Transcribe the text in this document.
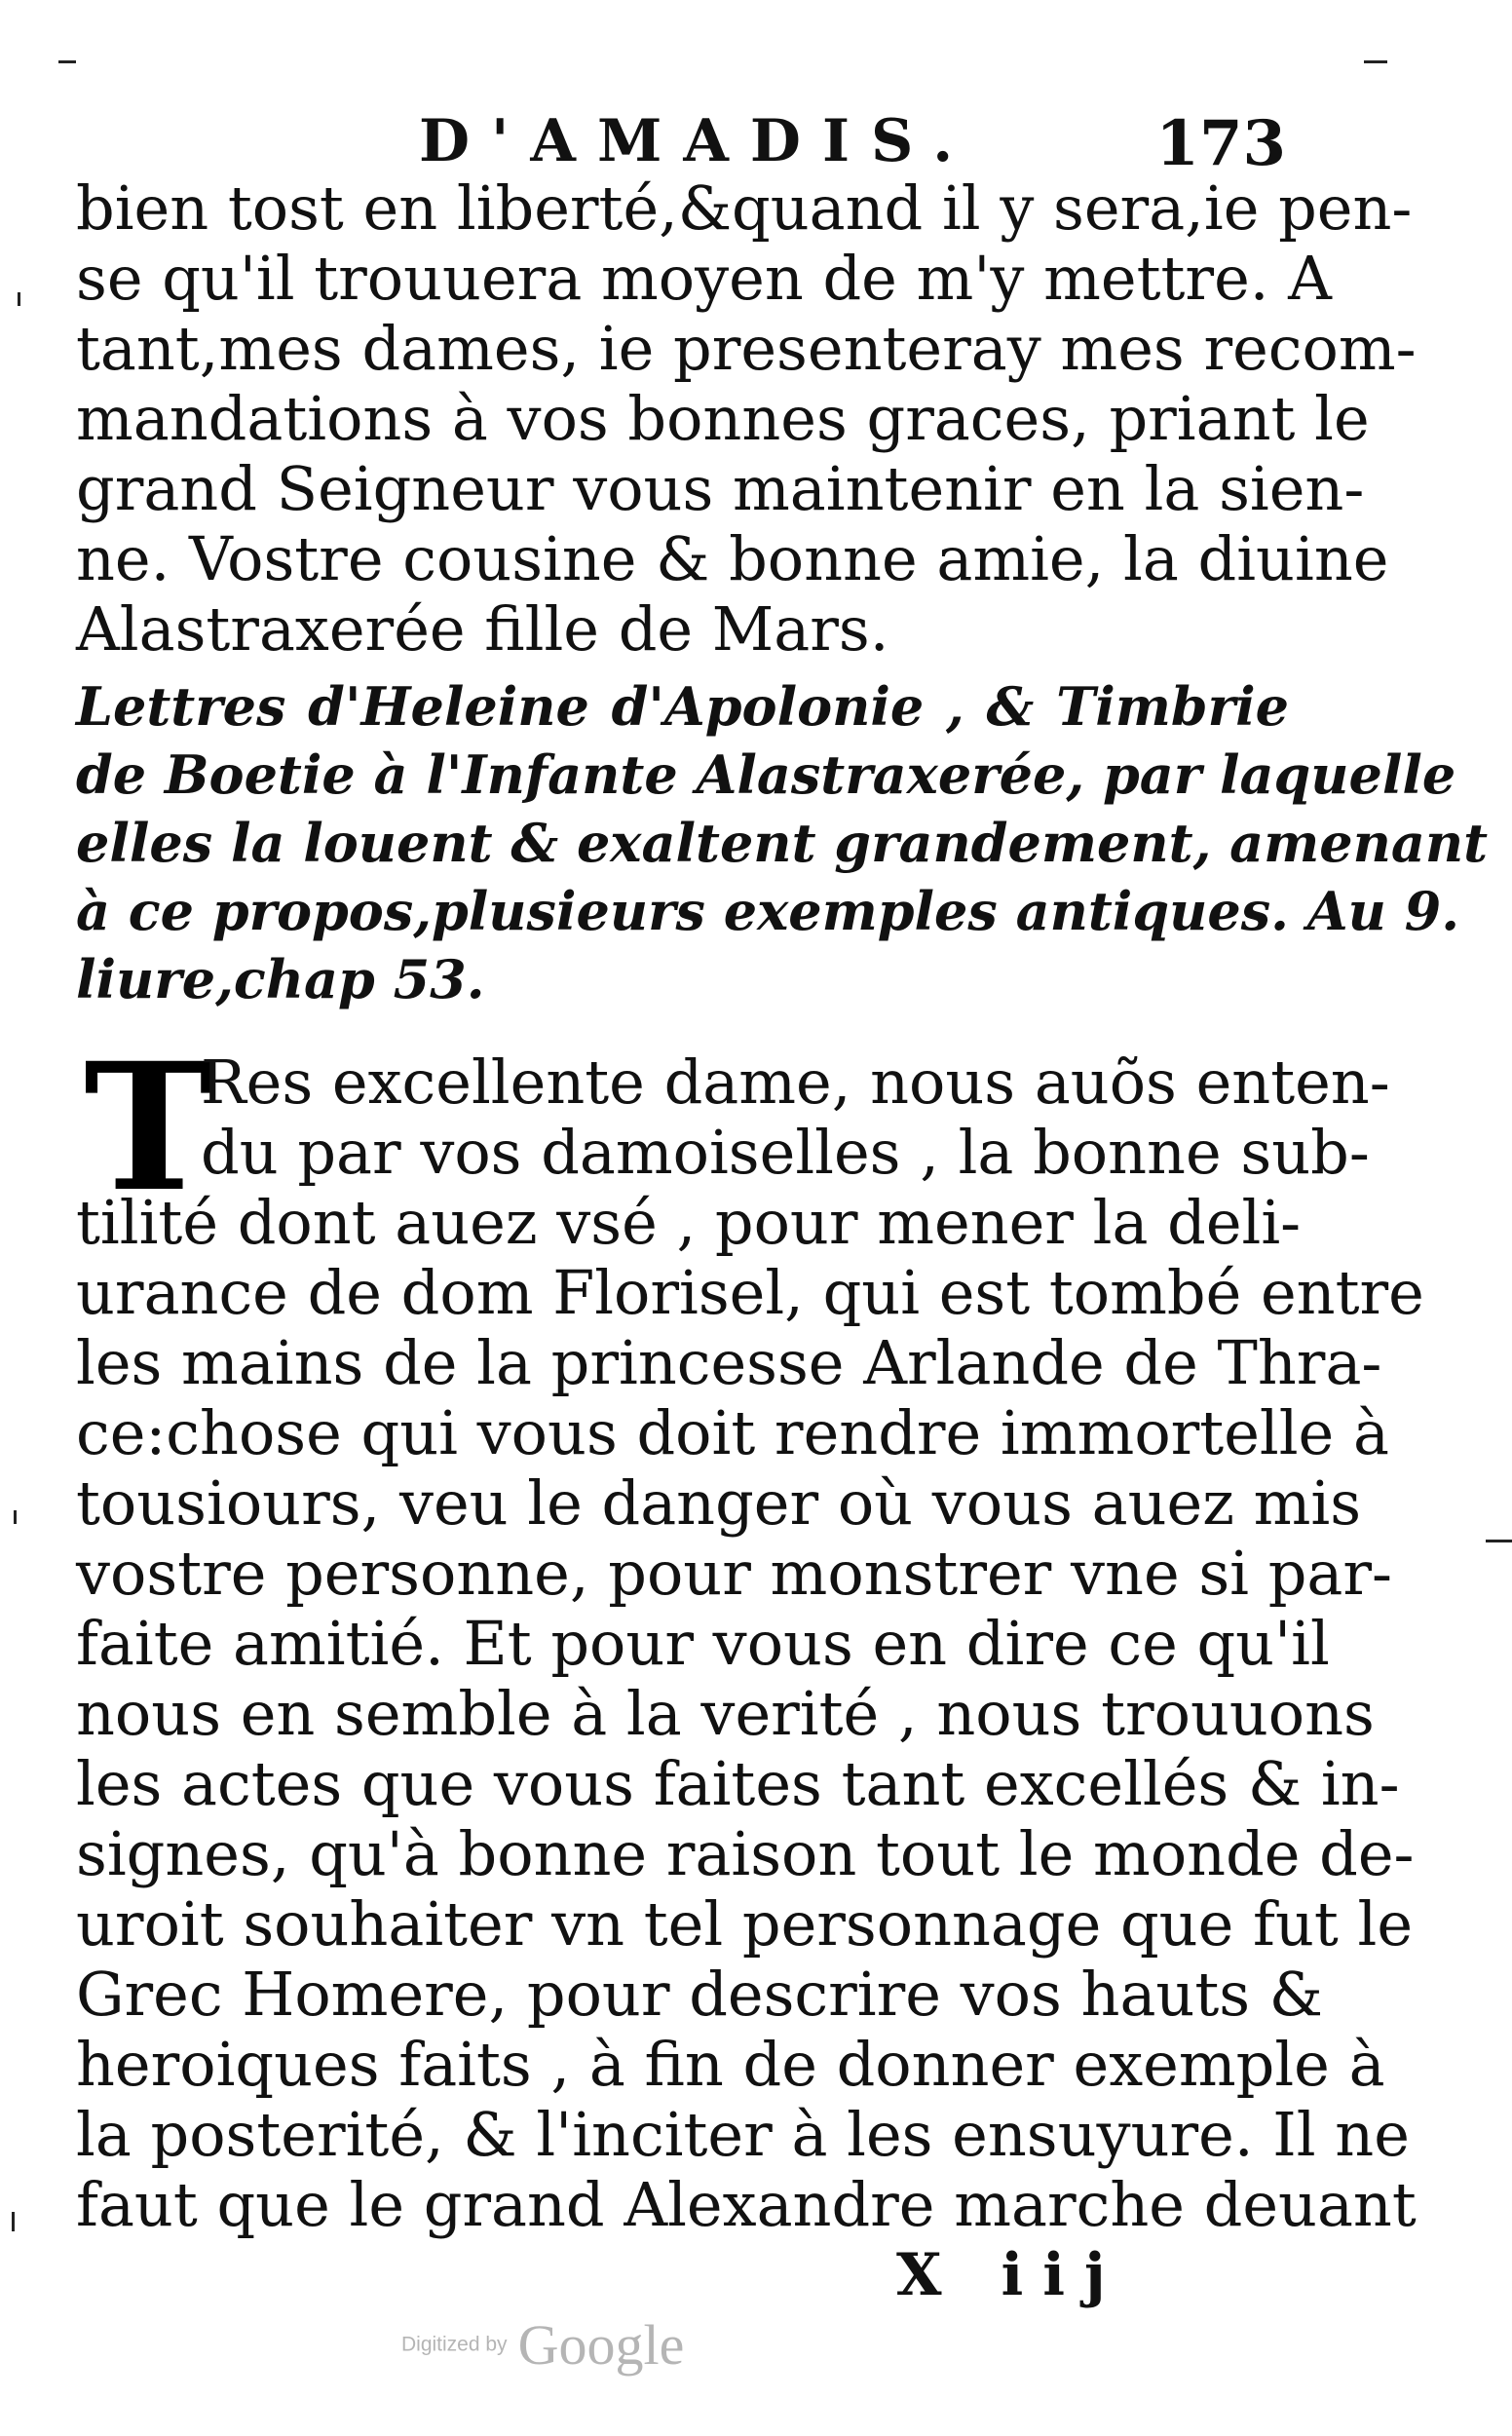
D'AMADIS.	173
bien tost en liberté,&quand il y sera,ie pen-
se qu'il trouuera moyen de m'y mettre. A
tant,mes dames, ie presenteray mes recom-
mandations à vos bonnes graces, priant le
grand Seigneur vous maintenir en la sien-
ne. Vostre cousine & bonne amie, la diuine
Alastraxerée fille de Mars.
Lettres d'Heleine d'Apolonie , & Timbrie
de Boetie à l'Infante Alastraxerée, par laquelle
elles la louent & exaltent grandement, amenant
à ce propos,plusieurs exemples antiques. Au 9.
liure,chap 53.
T
Res excellente dame, nous auõs enten-
du par vos damoiselles , la bonne sub-
tilité dont auez vsé , pour mener la deli-
urance de dom Florisel, qui est tombé entre
les mains de la princesse Arlande de Thra-
ce:chose qui vous doit rendre immortelle à
tousiours, veu le danger où vous auez mis
vostre personne, pour monstrer vne si par-
faite amitié. Et pour vous en dire ce qu'il
nous en semble à la verité , nous trouuons
les actes que vous faites tant excellés & in-
signes, qu'à bonne raison tout le monde de-
uroit souhaiter vn tel personnage que fut le
Grec Homere, pour descrire vos hauts &
heroiques faits , à fin de donner exemple à
la posterité, & l'inciter à les ensuyure. Il ne
faut que le grand Alexandre marche deuant
X iij
Digitized by Google
